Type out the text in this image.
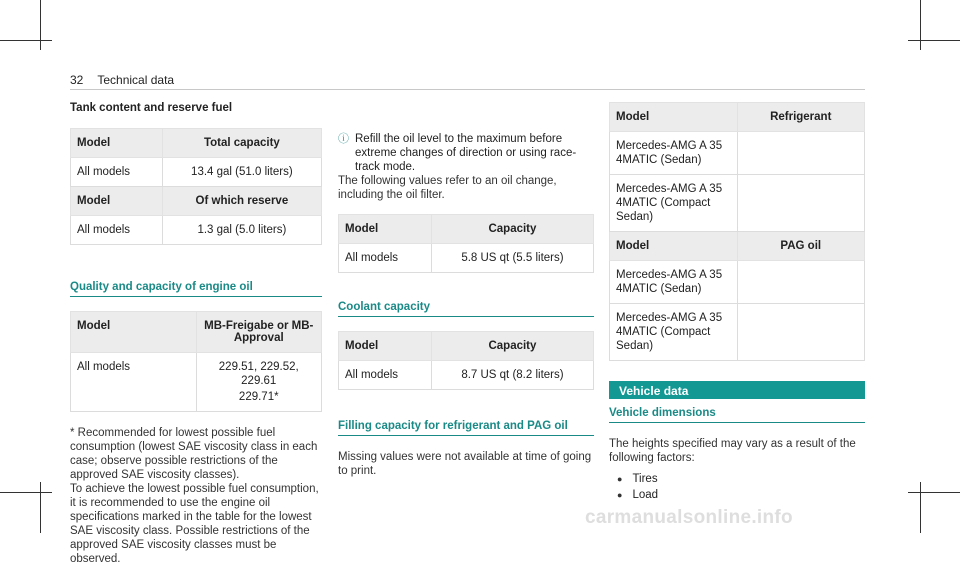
32 Technical data
Tank content and reserve fuel
Model	Total capacity
All models	13.4 gal (51.0 liters)
Model	Of which reserve
All models	1.3 gal (5.0 liters)
Quality and capacity of engine oil
Model	MB-Freigabe or MB-Approval
All models	229.51, 229.52, 229.61
229.71*

* Recommended for lowest possible fuel consumption (lowest SAE viscosity class in each case; observe possible restrictions of the approved SAE viscosity classes).

To achieve the lowest possible fuel consumption, it is recommended to use the engine oil specifications marked in the table for the lowest SAE viscosity class. Possible restrictions of the approved SAE viscosity classes must be observed.

ⓘ Refill the oil level to the maximum before extreme changes of direction or using race-track mode.

The following values refer to an oil change, including the oil filter.

Model	Capacity
All models	5.8 US qt (5.5 liters)
Coolant capacity
Model	Capacity
All models	8.7 US qt (8.2 liters)
Filling capacity for refrigerant and PAG oil

Missing values were not available at time of going to print.

Model	Refrigerant
Mercedes-AMG A 35 4MATIC (Sedan)	
Mercedes-AMG A 35 4MATIC (Compact Sedan)	
Model	PAG oil
Mercedes-AMG A 35 4MATIC (Sedan)	
Mercedes-AMG A 35 4MATIC (Compact Sedan)	
Vehicle data
Vehicle dimensions

The heights specified may vary as a result of the following factors:

● Tires
● Load
carmanualsonline.info
